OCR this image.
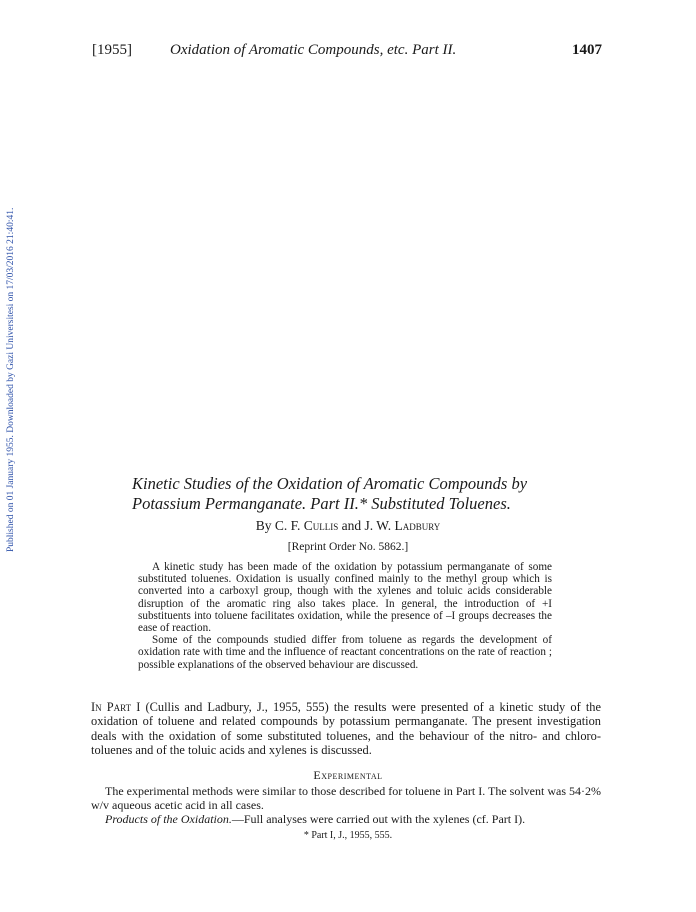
[1955]	Oxidation of Aromatic Compounds, etc. Part II.	1407
Published on 01 January 1955. Downloaded by Gazi Universitesi on 17/03/2016 21:40:41.	Kinetic Studies of the Oxidation of Aromatic Compounds by
Potassium Permanganate. Part II.* Substituted Toluenes.
By C. F. Cullis and J. W. Ladbury
[Reprint Order No. 5862.]

A kinetic study has been made of the oxidation by potassium permanganate of some substituted toluenes. Oxidation is usually confined mainly to the methyl group which is converted into a carboxyl group, though with the xylenes and toluic acids considerable disruption of the aromatic ring also takes place. In general, the introduction of +I substituents into toluene facilitates oxidation, while the presence of –I groups decreases the ease of reaction.

Some of the compounds studied differ from toluene as regards the development of oxidation rate with time and the influence of reactant concentrations on the rate of reaction ; possible explanations of the observed behaviour are discussed.

In Part I (Cullis and Ladbury, J., 1955, 555) the results were presented of a kinetic study of the oxidation of toluene and related compounds by potassium permanganate. The present investigation deals with the oxidation of some substituted toluenes, and the behaviour of the nitro- and chloro-toluenes and of the toluic acids and xylenes is discussed.

Experimental

The experimental methods were similar to those described for toluene in Part I. The solvent was 54·2% w/v aqueous acetic acid in all cases.

Products of the Oxidation.—Full analyses were carried out with the xylenes (cf. Part I).

* Part I, J., 1955, 555.
